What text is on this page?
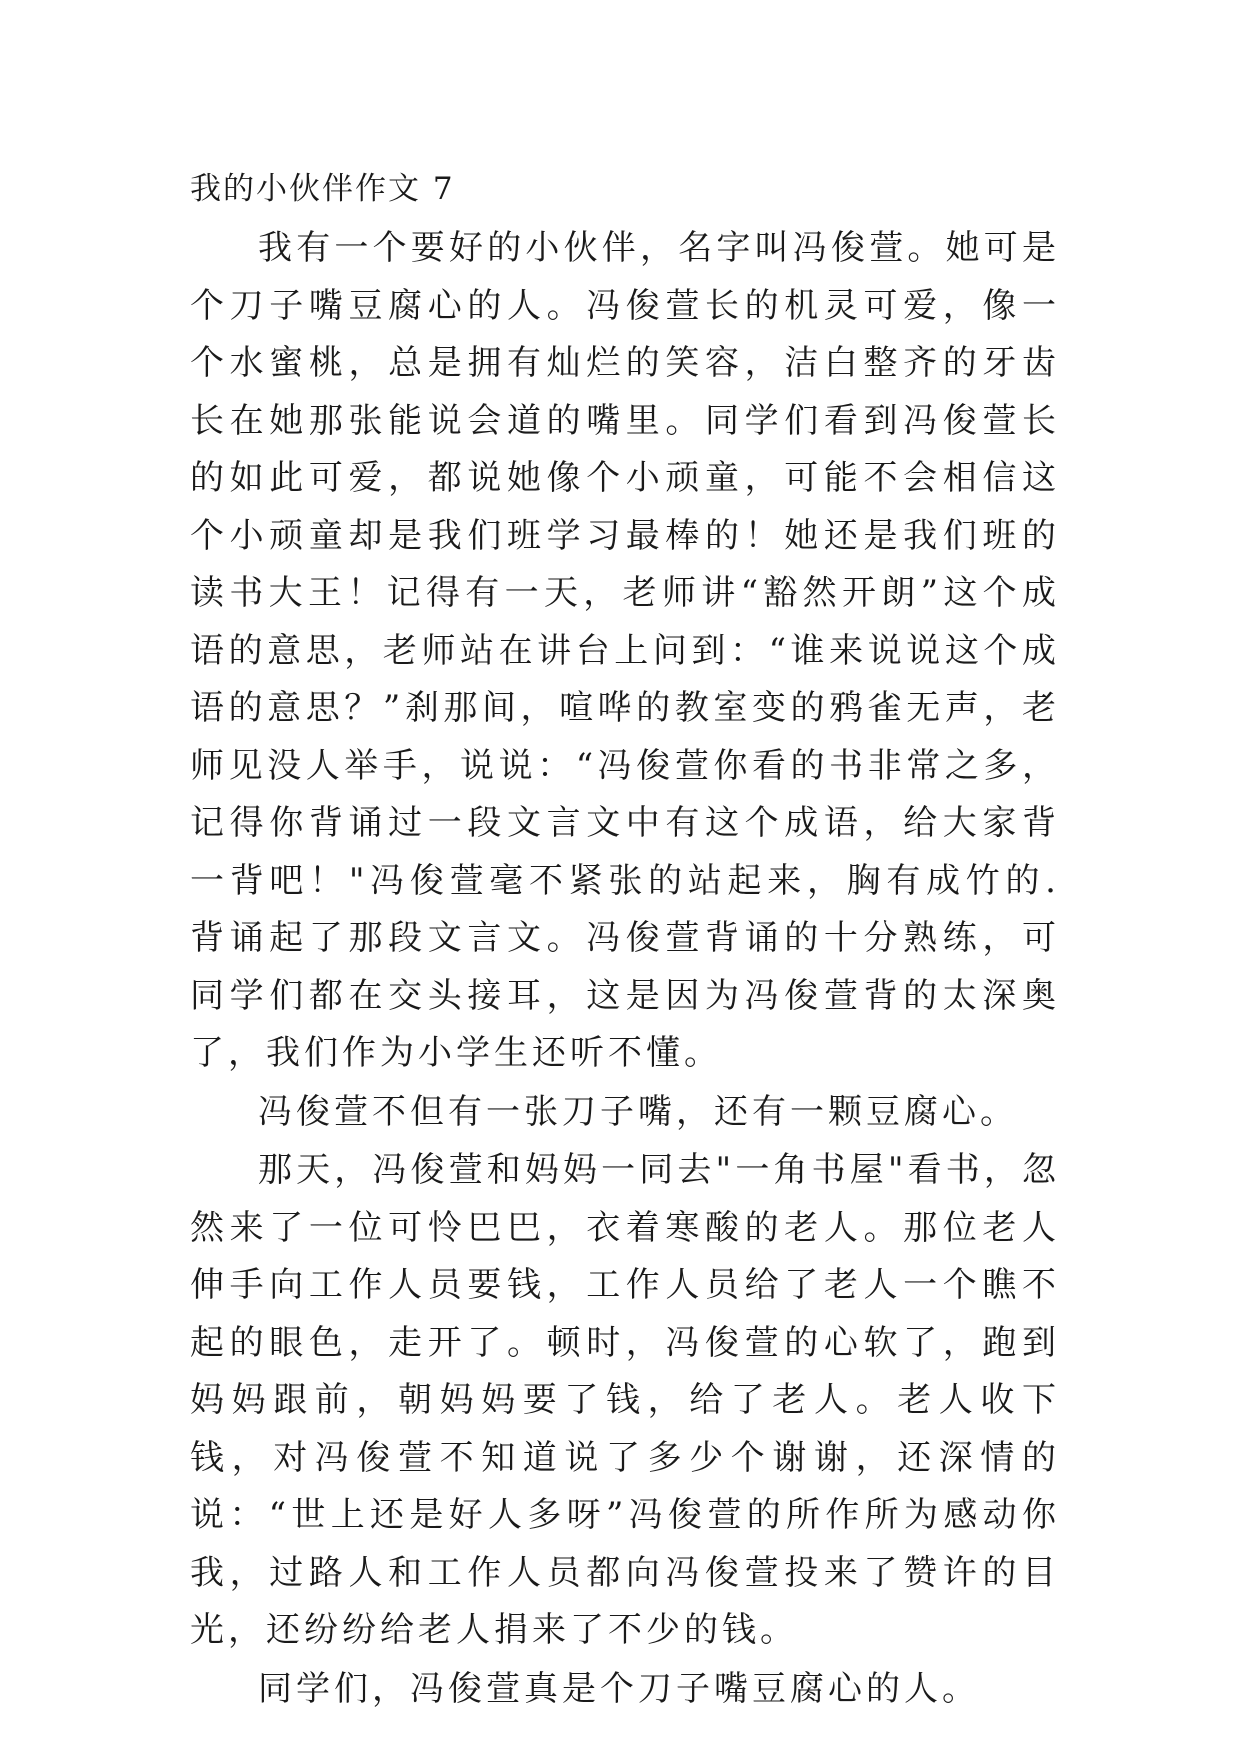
我的小伙伴作文 7

我有一个要好的小伙伴，名字叫冯俊萱。她可是个刀子嘴豆腐心的人。冯俊萱长的机灵可爱，像一个水蜜桃，总是拥有灿烂的笑容，洁白整齐的牙齿长在她那张能说会道的嘴里。同学们看到冯俊萱长的如此可爱，都说她像个小顽童，可能不会相信这个小顽童却是我们班学习最棒的！她还是我们班的读书大王！记得有一天，老师讲“豁然开朗”这个成语的意思，老师站在讲台上问到：“谁来说说这个成语的意思？”刹那间，喧哗的教室变的鸦雀无声，老师见没人举手，说说：“冯俊萱你看的书非常之多，记得你背诵过一段文言文中有这个成语，给大家背一背吧！"冯俊萱毫不紧张的站起来，胸有成竹的.背诵起了那段文言文。冯俊萱背诵的十分熟练，可同学们都在交头接耳，这是因为冯俊萱背的太深奥了，我们作为小学生还听不懂。

冯俊萱不但有一张刀子嘴，还有一颗豆腐心。

那天，冯俊萱和妈妈一同去"一角书屋"看书，忽然来了一位可怜巴巴，衣着寒酸的老人。那位老人伸手向工作人员要钱，工作人员给了老人一个瞧不起的眼色，走开了。顿时，冯俊萱的心软了，跑到妈妈跟前，朝妈妈要了钱，给了老人。老人收下钱，对冯俊萱不知道说了多少个谢谢，还深情的说：“世上还是好人多呀”冯俊萱的所作所为感动你我，过路人和工作人员都向冯俊萱投来了赞许的目光，还纷纷给老人捐来了不少的钱。

同学们，冯俊萱真是个刀子嘴豆腐心的人。
